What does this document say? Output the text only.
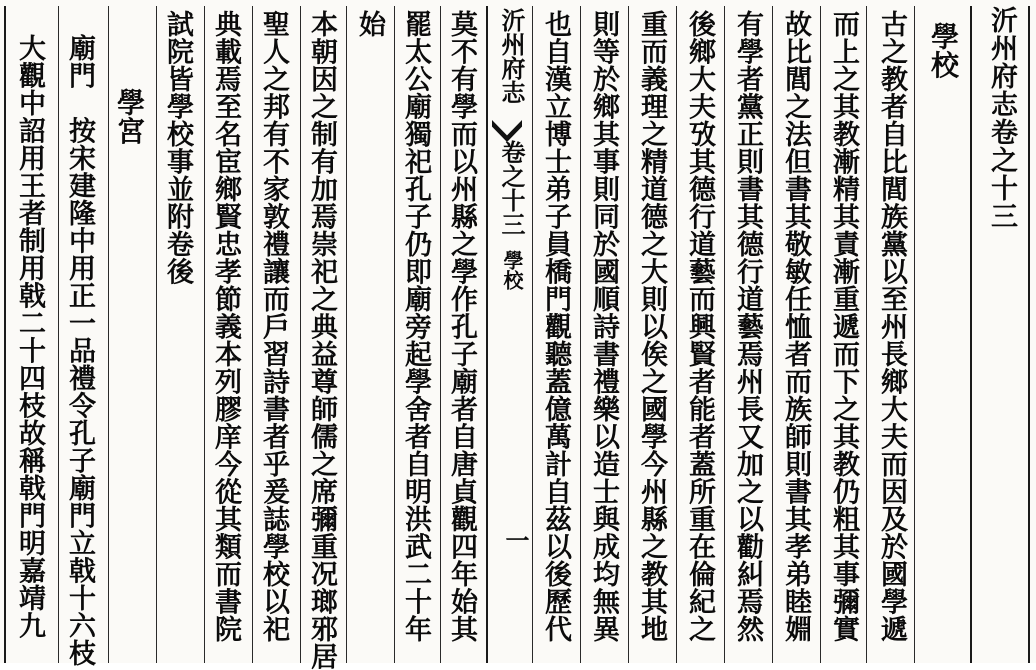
沂州府志卷之十三
學校
古之教者自比閭族黨以至州長鄉大夫而因及於國學遞
而上之其教漸精其責漸重遞而下之其教仍粗其事彌實
故比閭之法但書其敬敏任恤者而族師則書其孝弟睦婣
有學者黨正則書其德行道藝焉州長又加之以勸糾焉然
後鄉大夫攷其德行道藝而興賢者能者蓋所重在倫紀之
重而義理之精道德之大則以俟之國學今州縣之教其地
則等於鄉其事則同於國順詩書禮樂以造士與成均無異
也自漢立博士弟子員橋門觀聽蓋億萬計自茲以後歷代
沂州府志
卷之十三
學校
一
莫不有學而以州縣之學作孔子廟者自唐貞觀四年始其
罷太公廟獨祀孔子仍即廟旁起學舍者自明洪武二十年
始
本朝因之制有加焉崇祀之典益尊師儒之席彌重况瑯邪居
聖人之邦有不家敦禮讓而戶習詩書者乎爰誌學校以祀
典載焉至名宦鄉賢忠孝節義本列膠庠今從其類而書院
試院皆學校事並附卷後
學宮
廟門　按宋建隆中用正一品禮令孔子廟門立戟十六枝
大觀中詔用王者制用戟二十四枝故稱戟門明嘉靖九
